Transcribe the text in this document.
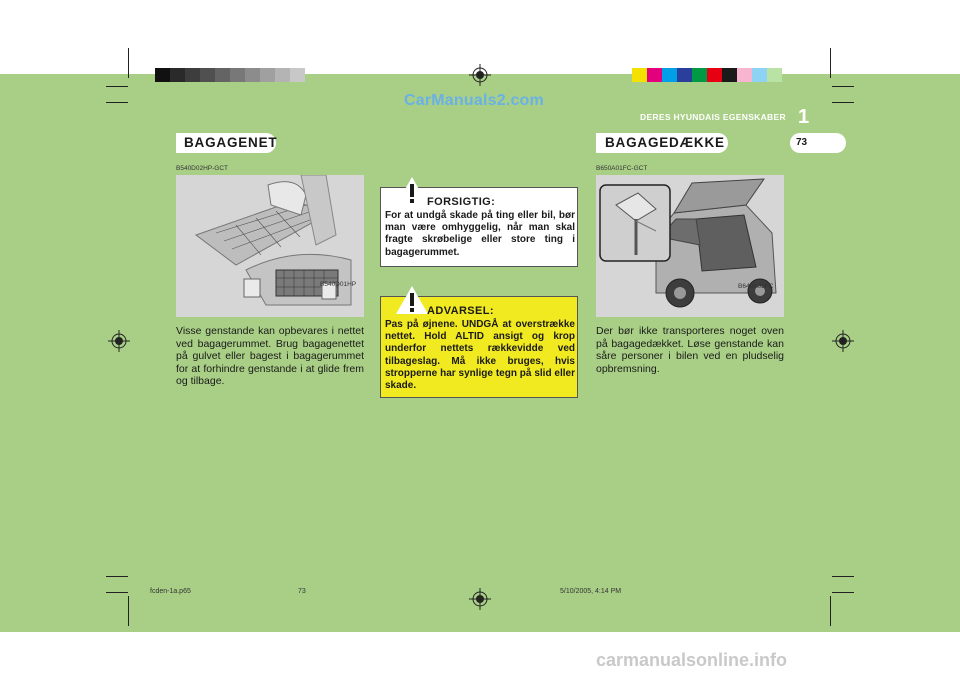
CarManuals2.com
DERES HYUNDAIS EGENSKABER 1
BAGAGENET	BAGAGEDÆKKE	73
B540D02HP-GCT
B540D01HP
Visse genstande kan opbevares i nettet ved bagagerummet. Brug bagagenettet på gulvet eller bagest i bagagerummet for at forhindre genstande i at glide frem og tilbage.
FORSIGTIG:
For at undgå skade på ting eller bil, bør man være omhyggelig, når man skal fragte skrøbelige eller store ting i bagagerummet.
ADVARSEL:
Pas på øjnene. UNDGÅ at overstrække nettet. Hold ALTID ansigt og krop underfor nettets rækkevidde ved tilbageslag. Må ikke bruges, hvis stropperne har synlige tegn på slid eller skade.
B650A01FC-GCT
B640A02FC
Der bør ikke transporteres noget oven på bagagedækket. Løse genstande kan såre personer i bilen ved en pludselig opbremsning.
fcden-1a.p65	73	5/10/2005, 4:14 PM
carmanualsonline.info
